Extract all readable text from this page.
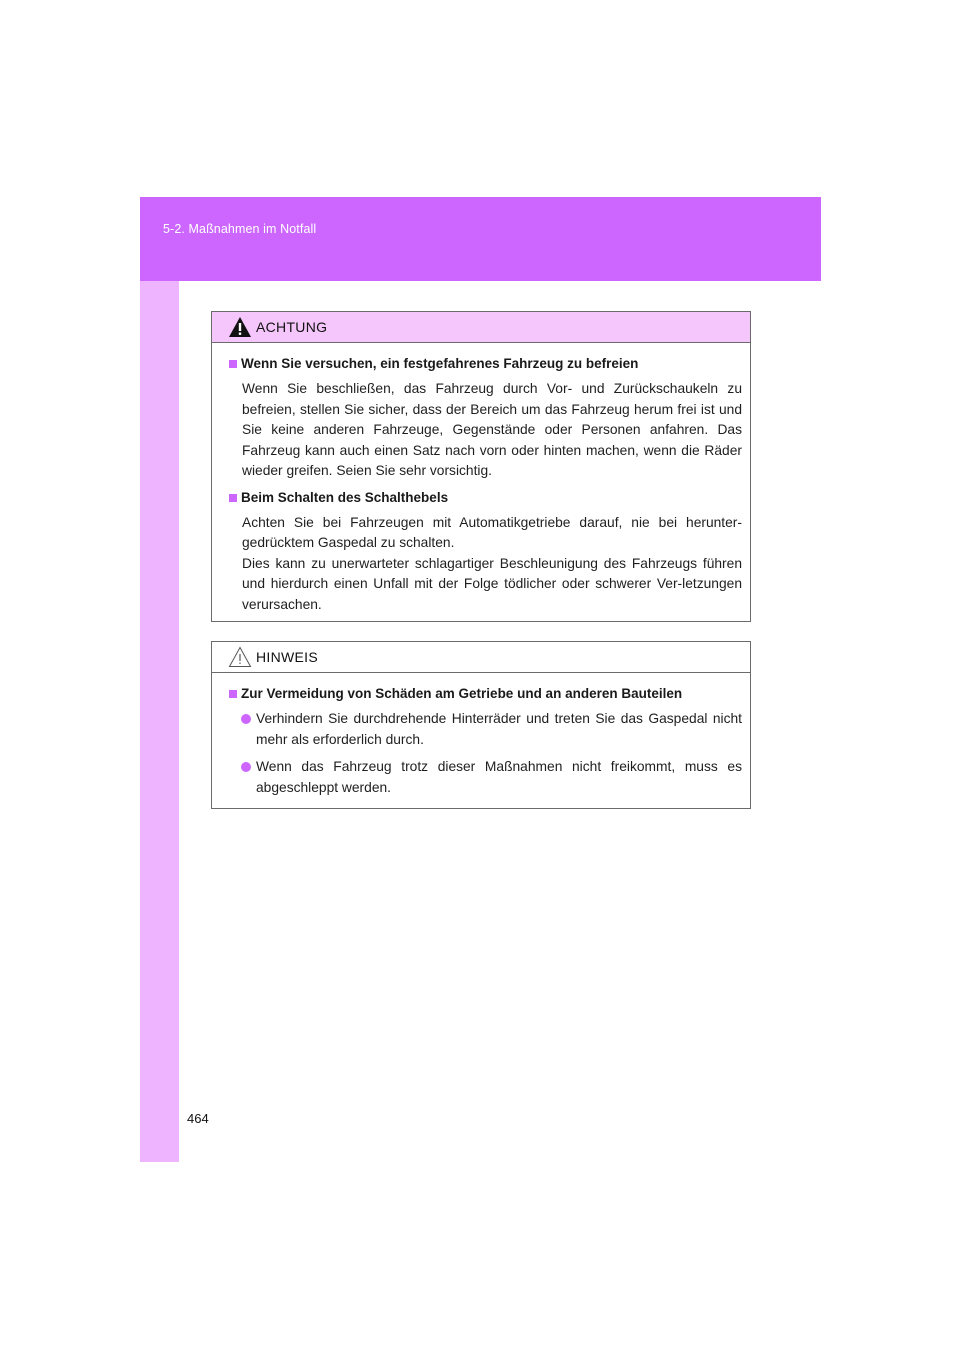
5-2. Maßnahmen im Notfall
ACHTUNG
Wenn Sie versuchen, ein festgefahrenes Fahrzeug zu befreien

Wenn Sie beschließen, das Fahrzeug durch Vor- und Zurückschaukeln zu befreien, stellen Sie sicher, dass der Bereich um das Fahrzeug herum frei ist und Sie keine anderen Fahrzeuge, Gegenstände oder Personen anfahren. Das Fahrzeug kann auch einen Satz nach vorn oder hinten machen, wenn die Räder wieder greifen. Seien Sie sehr vorsichtig.

Beim Schalten des Schalthebels

Achten Sie bei Fahrzeugen mit Automatikgetriebe darauf, nie bei herunter-gedrücktem Gaspedal zu schalten.
Dies kann zu unerwarteter schlagartiger Beschleunigung des Fahrzeugs führen und hierdurch einen Unfall mit der Folge tödlicher oder schwerer Ver-letzungen verursachen.

HINWEIS
Zur Vermeidung von Schäden am Getriebe und an anderen Bauteilen
Verhindern Sie durchdrehende Hinterräder und treten Sie das Gaspedal nicht mehr als erforderlich durch.
Wenn das Fahrzeug trotz dieser Maßnahmen nicht freikommt, muss es abgeschleppt werden.
464
